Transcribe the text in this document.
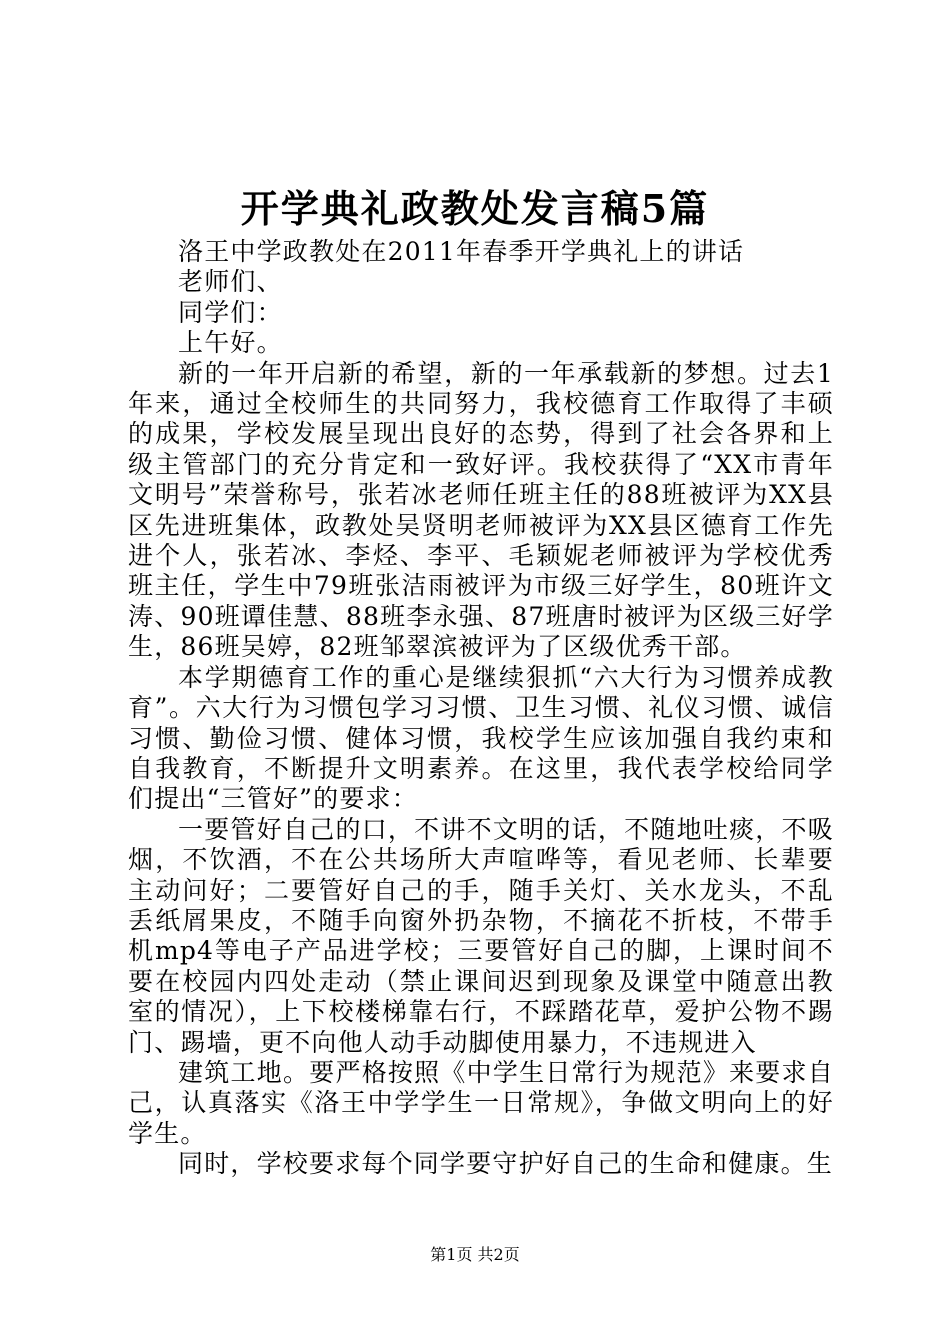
开学典礼政教处发言稿5篇

洛王中学政教处在2011年春季开学典礼上的讲话

老师们、

同学们：

上午好。

新的一年开启新的希望，新的一年承载新的梦想。过去1年来，通过全校师生的共同努力，我校德育工作取得了丰硕的成果，学校发展呈现出良好的态势，得到了社会各界和上级主管部门的充分肯定和一致好评。我校获得了“XX市青年文明号”荣誉称号，张若冰老师任班主任的88班被评为XX县区先进班集体，政教处吴贤明老师被评为XX县区德育工作先进个人，张若冰、李烃、李平、毛颖妮老师被评为学校优秀班主任，学生中79班张洁雨被评为市级三好学生，80班许文涛、90班谭佳慧、88班李永强、87班唐时被评为区级三好学生，86班吴婷，82班邹翠滨被评为了区级优秀干部。

本学期德育工作的重心是继续狠抓“六大行为习惯养成教育”。六大行为习惯包学习习惯、卫生习惯、礼仪习惯、诚信习惯、勤俭习惯、健体习惯，我校学生应该加强自我约束和自我教育，不断提升文明素养。在这里，我代表学校给同学们提出“三管好”的要求：

一要管好自己的口，不讲不文明的话，不随地吐痰，不吸烟，不饮酒，不在公共场所大声喧哗等，看见老师、长辈要主动问好；二要管好自己的手，随手关灯、关水龙头，不乱丢纸屑果皮，不随手向窗外扔杂物，不摘花不折枝，不带手机mp4等电子产品进学校；三要管好自己的脚，上课时间不要在校园内四处走动（禁止课间迟到现象及课堂中随意出教室的情况），上下校楼梯靠右行，不踩踏花草，爱护公物不踢门、踢墙，更不向他人动手动脚使用暴力，不违规进入

建筑工地。要严格按照《中学生日常行为规范》来要求自己，认真落实《洛王中学学生一日常规》，争做文明向上的好学生。

同时，学校要求每个同学要守护好自己的生命和健康。生

第1页 共2页
